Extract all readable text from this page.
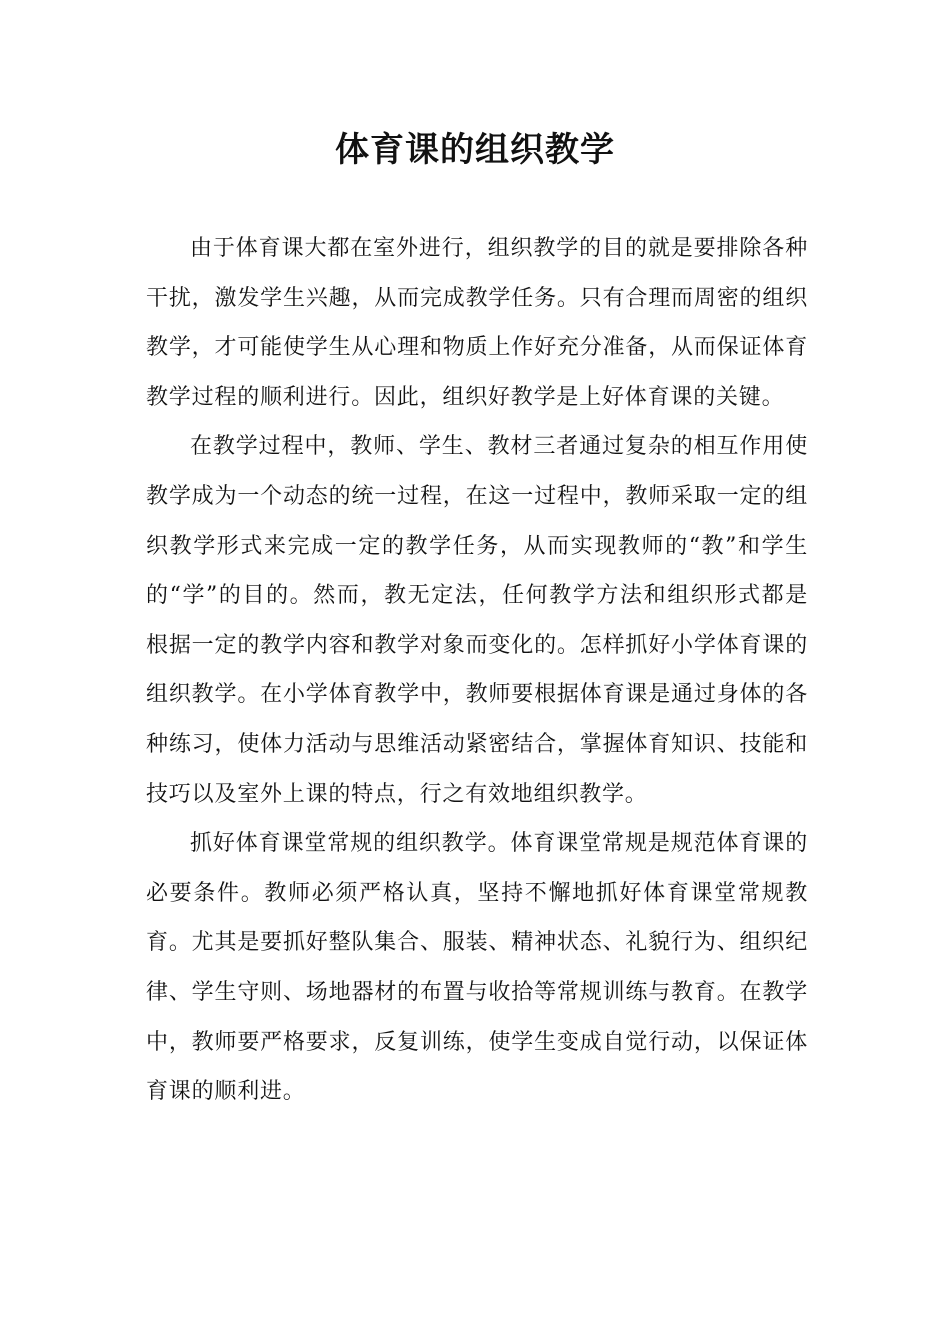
体育课的组织教学

由于体育课大都在室外进行，组织教学的目的就是要排除各种干扰，激发学生兴趣，从而完成教学任务。只有合理而周密的组织教学，才可能使学生从心理和物质上作好充分准备，从而保证体育教学过程的顺利进行。因此，组织好教学是上好体育课的关键。

在教学过程中，教师、学生、教材三者通过复杂的相互作用使教学成为一个动态的统一过程，在这一过程中，教师采取一定的组织教学形式来完成一定的教学任务，从而实现教师的“教”和学生的“学”的目的。然而，教无定法，任何教学方法和组织形式都是根据一定的教学内容和教学对象而变化的。怎样抓好小学体育课的组织教学。在小学体育教学中，教师要根据体育课是通过身体的各种练习，使体力活动与思维活动紧密结合，掌握体育知识、技能和技巧以及室外上课的特点，行之有效地组织教学。

抓好体育课堂常规的组织教学。体育课堂常规是规范体育课的必要条件。教师必须严格认真，坚持不懈地抓好体育课堂常规教育。尤其是要抓好整队集合、服装、精神状态、礼貌行为、组织纪律、学生守则、场地器材的布置与收拾等常规训练与教育。在教学中，教师要严格要求，反复训练，使学生变成自觉行动，以保证体育课的顺利进。
